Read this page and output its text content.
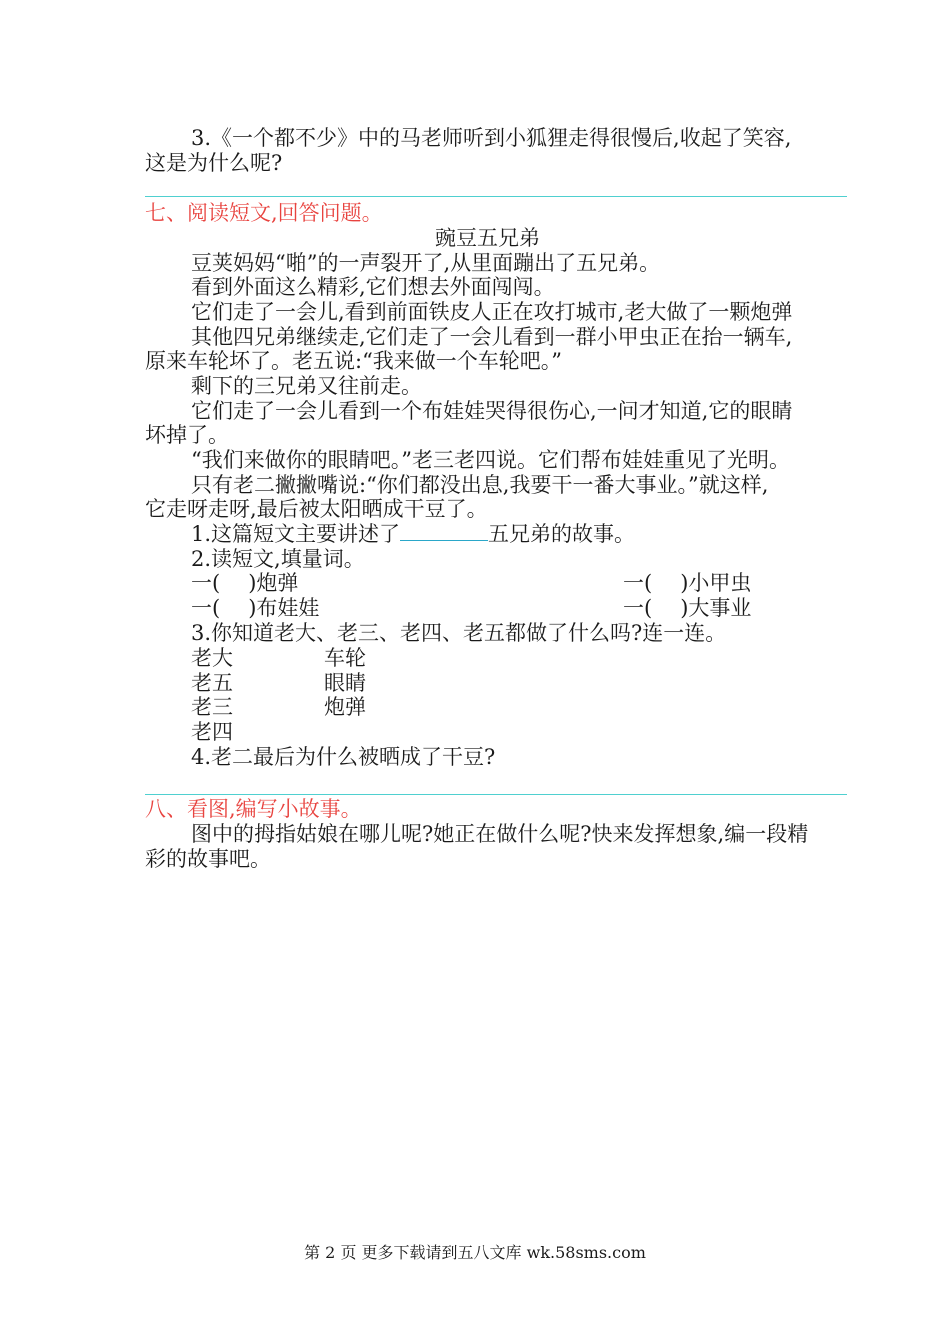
3.《一个都不少》中的马老师听到小狐狸走得很慢后,收起了笑容,
这是为什么呢?
七、阅读短文,回答问题。
豌豆五兄弟
豆荚妈妈“啪”的一声裂开了,从里面蹦出了五兄弟。
看到外面这么精彩,它们想去外面闯闯。
它们走了一会儿,看到前面铁皮人正在攻打城市,老大做了一颗炮弹
其他四兄弟继续走,它们走了一会儿看到一群小甲虫正在抬一辆车,
原来车轮坏了。老五说:“我来做一个车轮吧。”
剩下的三兄弟又往前走。
它们走了一会儿看到一个布娃娃哭得很伤心,一问才知道,它的眼睛
坏掉了。
“我们来做你的眼睛吧。”老三老四说。它们帮布娃娃重见了光明。
只有老二撇撇嘴说:“你们都没出息,我要干一番大事业。”就这样,
它走呀走呀,最后被太阳晒成干豆了。
1.这篇短文主要讲述了	五兄弟的故事。
2.读短文,填量词。
一( )炮弹	一( )小甲虫
一( )布娃娃	一( )大事业
3.你知道老大、老三、老四、老五都做了什么吗?连一连。
老大	车轮
老五	眼睛
老三	炮弹
老四
4.老二最后为什么被晒成了干豆?
八、看图,编写小故事。
图中的拇指姑娘在哪儿呢?她正在做什么呢?快来发挥想象,编一段精
彩的故事吧。
第 2 页 更多下载请到五八文库 wk.58sms.com
